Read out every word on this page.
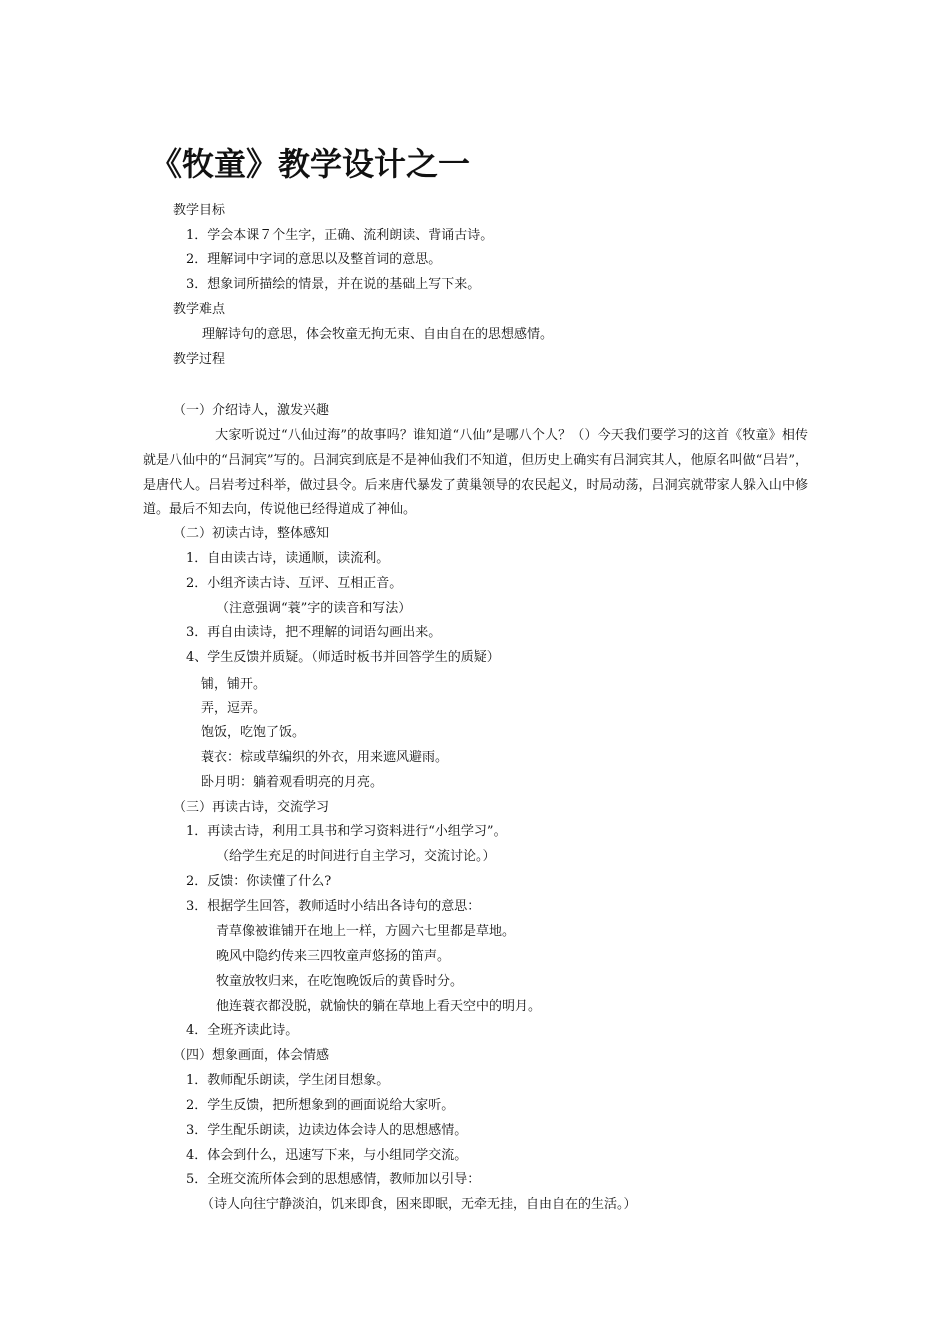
《牧童》教学设计之一
教学目标
1．学会本课７个生字，正确、流利朗读、背诵古诗。
2．理解词中字词的意思以及整首词的意思。
3．想象词所描绘的情景，并在说的基础上写下来。
教学难点
理解诗句的意思，体会牧童无拘无束、自由自在的思想感情。
教学过程
（一）介绍诗人，激发兴趣
大家听说过“八仙过海”的故事吗？谁知道“八仙”是哪八个人？（）今天我们要学习的这首《牧童》相传就是八仙中的“吕洞宾”写的。吕洞宾到底是不是神仙我们不知道，但历史上确实有吕洞宾其人，他原名叫做“吕岩”，是唐代人。吕岩考过科举，做过县令。后来唐代暴发了黄巢领导的农民起义，时局动荡，吕洞宾就带家人躲入山中修道。最后不知去向，传说他已经得道成了神仙。
（二）初读古诗，整体感知
1．自由读古诗，读通顺，读流利。
2．小组齐读古诗、互评、互相正音。
（注意强调“蓑”字的读音和写法）
3．再自由读诗，把不理解的词语勾画出来。
4、学生反馈并质疑。（师适时板书并回答学生的质疑）
铺，铺开。
弄，逗弄。
饱饭，吃饱了饭。
蓑衣：棕或草编织的外衣，用来遮风避雨。
卧月明：躺着观看明亮的月亮。
（三）再读古诗，交流学习
1．再读古诗，利用工具书和学习资料进行“小组学习”。
（给学生充足的时间进行自主学习，交流讨论。）
2．反馈：你读懂了什么?
3．根据学生回答，教师适时小结出各诗句的意思：
青草像被谁铺开在地上一样，方圆六七里都是草地。
晚风中隐约传来三四牧童声悠扬的笛声。
牧童放牧归来，在吃饱晚饭后的黄昏时分。
他连蓑衣都没脱，就愉快的躺在草地上看天空中的明月。
4．全班齐读此诗。
（四）想象画面，体会情感
1．教师配乐朗读，学生闭目想象。
2．学生反馈，把所想象到的画面说给大家听。
3．学生配乐朗读，边读边体会诗人的思想感情。
4．体会到什么，迅速写下来，与小组同学交流。
5．全班交流所体会到的思想感情，教师加以引导：
（诗人向往宁静淡泊，饥来即食，困来即眠，无牵无挂，自由自在的生活。）
